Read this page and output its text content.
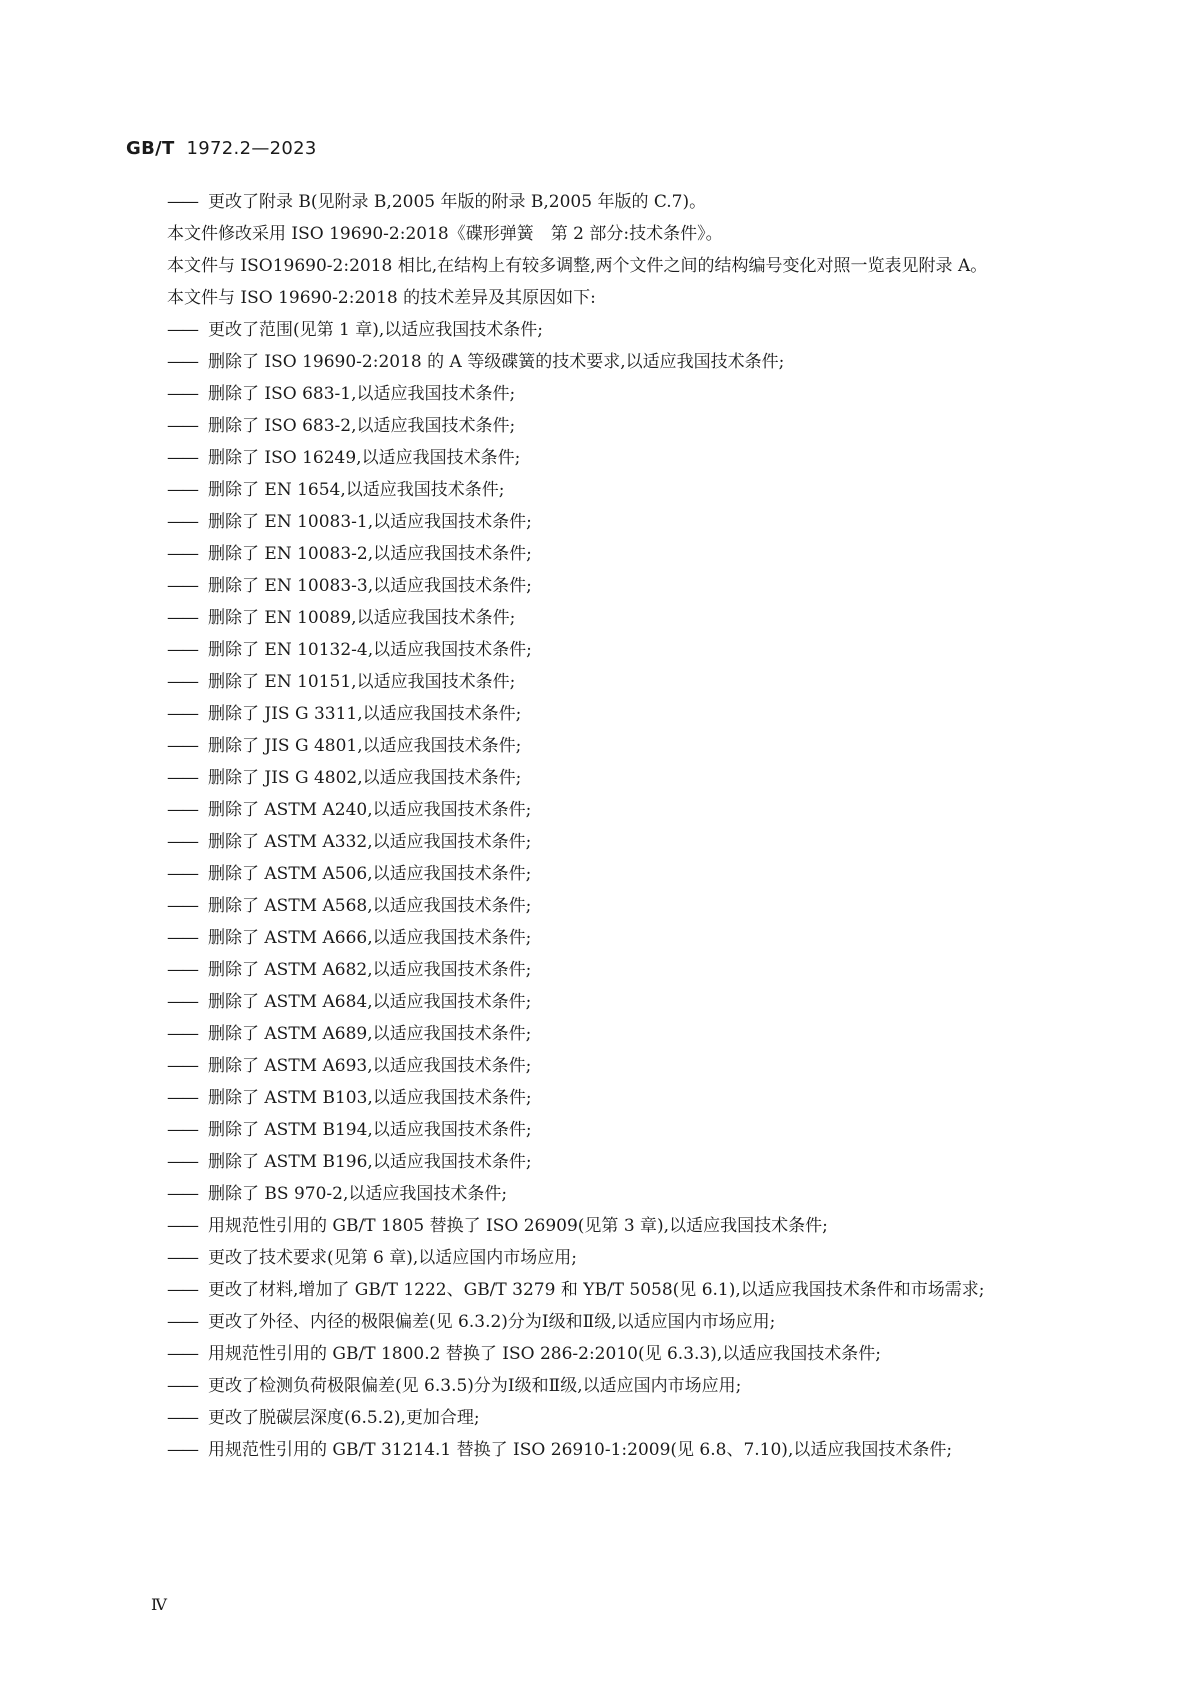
GB/T 1972.2—2023

—— 更改了附录 B(见附录 B,2005 年版的附录 B,2005 年版的 C.7)。

本文件修改采用 ISO 19690-2:2018《碟形弹簧　第 2 部分:技术条件》。

本文件与 ISO19690-2:2018 相比,在结构上有较多调整,两个文件之间的结构编号变化对照一览表见附录 A。

本文件与 ISO 19690-2:2018 的技术差异及其原因如下:

—— 更改了范围(见第 1 章),以适应我国技术条件;

—— 删除了 ISO 19690-2:2018 的 A 等级碟簧的技术要求,以适应我国技术条件;

—— 删除了 ISO 683-1,以适应我国技术条件;

—— 删除了 ISO 683-2,以适应我国技术条件;

—— 删除了 ISO 16249,以适应我国技术条件;

—— 删除了 EN 1654,以适应我国技术条件;

—— 删除了 EN 10083-1,以适应我国技术条件;

—— 删除了 EN 10083-2,以适应我国技术条件;

—— 删除了 EN 10083-3,以适应我国技术条件;

—— 删除了 EN 10089,以适应我国技术条件;

—— 删除了 EN 10132-4,以适应我国技术条件;

—— 删除了 EN 10151,以适应我国技术条件;

—— 删除了 JIS G 3311,以适应我国技术条件;

—— 删除了 JIS G 4801,以适应我国技术条件;

—— 删除了 JIS G 4802,以适应我国技术条件;

—— 删除了 ASTM A240,以适应我国技术条件;

—— 删除了 ASTM A332,以适应我国技术条件;

—— 删除了 ASTM A506,以适应我国技术条件;

—— 删除了 ASTM A568,以适应我国技术条件;

—— 删除了 ASTM A666,以适应我国技术条件;

—— 删除了 ASTM A682,以适应我国技术条件;

—— 删除了 ASTM A684,以适应我国技术条件;

—— 删除了 ASTM A689,以适应我国技术条件;

—— 删除了 ASTM A693,以适应我国技术条件;

—— 删除了 ASTM B103,以适应我国技术条件;

—— 删除了 ASTM B194,以适应我国技术条件;

—— 删除了 ASTM B196,以适应我国技术条件;

—— 删除了 BS 970-2,以适应我国技术条件;

—— 用规范性引用的 GB/T 1805 替换了 ISO 26909(见第 3 章),以适应我国技术条件;

—— 更改了技术要求(见第 6 章),以适应国内市场应用;

—— 更改了材料,增加了 GB/T 1222、GB/T 3279 和 YB/T 5058(见 6.1),以适应我国技术条件和市场需求;

—— 更改了外径、内径的极限偏差(见 6.3.2)分为Ⅰ级和Ⅱ级,以适应国内市场应用;

—— 用规范性引用的 GB/T 1800.2 替换了 ISO 286-2:2010(见 6.3.3),以适应我国技术条件;

—— 更改了检测负荷极限偏差(见 6.3.5)分为Ⅰ级和Ⅱ级,以适应国内市场应用;

—— 更改了脱碳层深度(6.5.2),更加合理;

—— 用规范性引用的 GB/T 31214.1 替换了 ISO 26910-1:2009(见 6.8、7.10),以适应我国技术条件;

Ⅳ
